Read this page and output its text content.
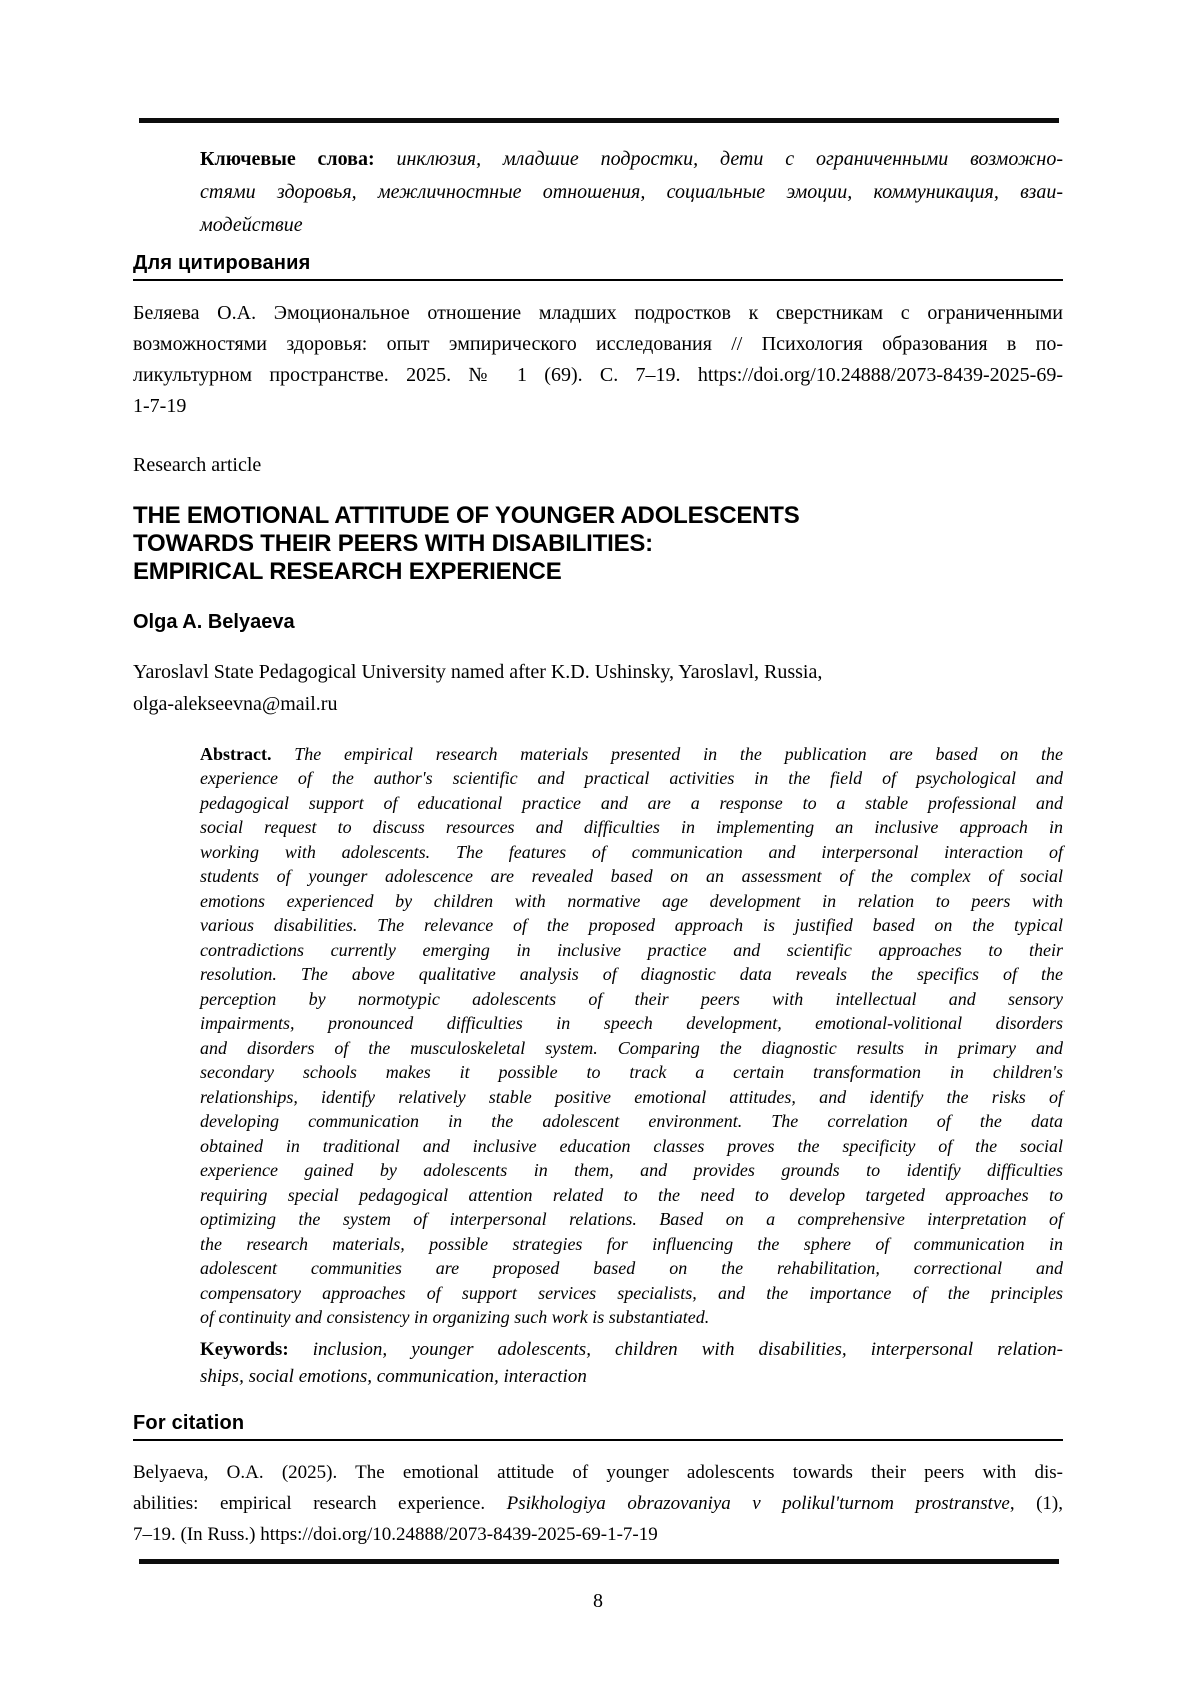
Ключевые слова: инклюзия, младшие подростки, дети с ограниченными возможно-
стями здоровья, межличностные отношения, социальные эмоции, коммуникация, взаи-
модействие
Для цитирования
Беляева О.А. Эмоциональное отношение младших подростков к сверстникам с ограниченными
возможностями здоровья: опыт эмпирического исследования // Психология образования в по-
ликультурном пространстве. 2025. № 1 (69). С. 7–19. https://doi.org/10.24888/2073-8439-2025-69-
1-7-19
Research article
THE EMOTIONAL ATTITUDE OF YOUNGER ADOLESCENTS
TOWARDS THEIR PEERS WITH DISABILITIES:
EMPIRICAL RESEARCH EXPERIENCE
Olga A. Belyaeva
Yaroslavl State Pedagogical University named after K.D. Ushinsky, Yaroslavl, Russia,
olga-alekseevna@mail.ru
Abstract. The empirical research materials presented in the publication are based on the
experience of the author's scientific and practical activities in the field of psychological and
pedagogical support of educational practice and are a response to a stable professional and
social request to discuss resources and difficulties in implementing an inclusive approach in
working with adolescents. The features of communication and interpersonal interaction of
students of younger adolescence are revealed based on an assessment of the complex of social
emotions experienced by children with normative age development in relation to peers with
various disabilities. The relevance of the proposed approach is justified based on the typical
contradictions currently emerging in inclusive practice and scientific approaches to their
resolution. The above qualitative analysis of diagnostic data reveals the specifics of the
perception by normotypic adolescents of their peers with intellectual and sensory
impairments, pronounced difficulties in speech development, emotional-volitional disorders
and disorders of the musculoskeletal system. Comparing the diagnostic results in primary and
secondary schools makes it possible to track a certain transformation in children's
relationships, identify relatively stable positive emotional attitudes, and identify the risks of
developing communication in the adolescent environment. The correlation of the data
obtained in traditional and inclusive education classes proves the specificity of the social
experience gained by adolescents in them, and provides grounds to identify difficulties
requiring special pedagogical attention related to the need to develop targeted approaches to
optimizing the system of interpersonal relations. Based on a comprehensive interpretation of
the research materials, possible strategies for influencing the sphere of communication in
adolescent communities are proposed based on the rehabilitation, correctional and
compensatory approaches of support services specialists, and the importance of the principles
of continuity and consistency in organizing such work is substantiated.
Keywords: inclusion, younger adolescents, children with disabilities, interpersonal relation-
ships, social emotions, communication, interaction
For citation
Belyaeva, O.A. (2025). The emotional attitude of younger adolescents towards their peers with dis-
abilities: empirical research experience. Psikhologiya obrazovaniya v polikul'turnom prostranstve, (1),
7–19. (In Russ.) https://doi.org/10.24888/2073-8439-2025-69-1-7-19
8
